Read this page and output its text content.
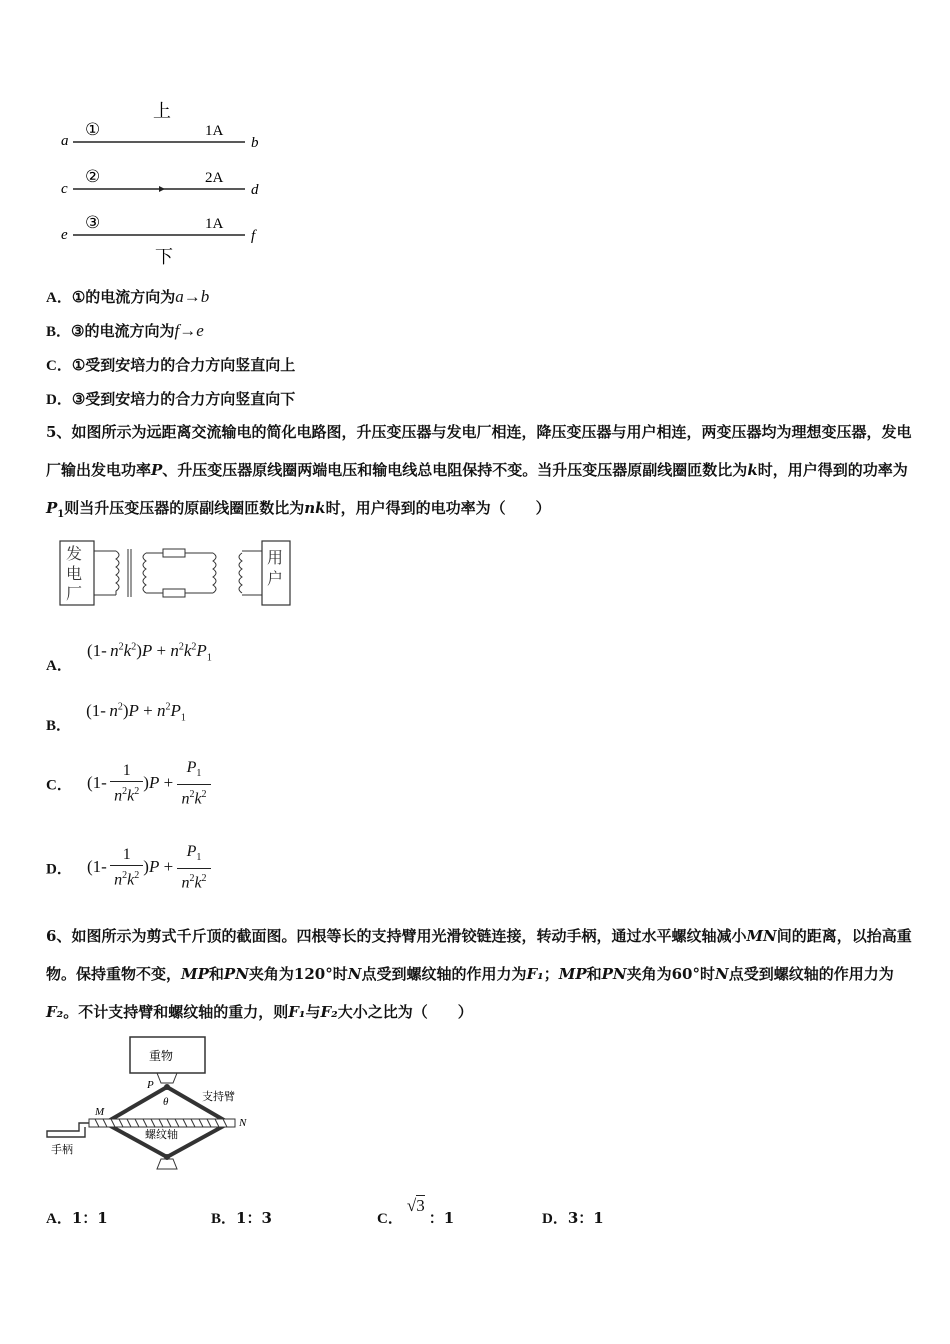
上
a
①	1A
b
c
②	2A
d
e
③	1A
f
下
A．①的电流方向为a→b
B．③的电流方向为f→e
C．①受到安培力的合力方向竖直向上
D．③受到安培力的合力方向竖直向下
5、如图所示为远距离交流输电的简化电路图，升压变压器与发电厂相连，降压变压器与用户相连，两变压器均为理想变压器，发电厂输出发电功率P、升压变压器原线圈两端电压和输电线总电阻保持不变。当升压变压器原副线圈匝数比为k时，用户得到的功率为$P_1$则当升压变压器的原副线圈匝数比为nk时，用户得到的电功率为（　　）
发电厂
用户
A． (1- $n^2k^2)P + n^2k^2P_1$
B． (1- $n^2)P + n^2P_1$
C． $(1- \frac{1}{n^2k^2} )P + \frac{P_1}{n^2k^2}$
D． $(1- \frac{1}{n^2k^2} )P + \frac{P_1}{n^2k^2}$
6、如图所示为剪式千斤顶的截面图。四根等长的支持臂用光滑铰链连接，转动手柄，通过水平螺纹轴减小MN间的距离，以抬高重物。保持重物不变，MP和PN夹角为120°时N点受到螺纹轴的作用力为F₁；MP和PN夹角为60°时N点受到螺纹轴的作用力为F₂。不计支持臂和螺纹轴的重力，则F₁与F₂大小之比为（　　）
重物
P
θ
M
N
支持臂
螺纹轴
手柄
A．1：1	B．1：3	C．√3：1	D．3：1
